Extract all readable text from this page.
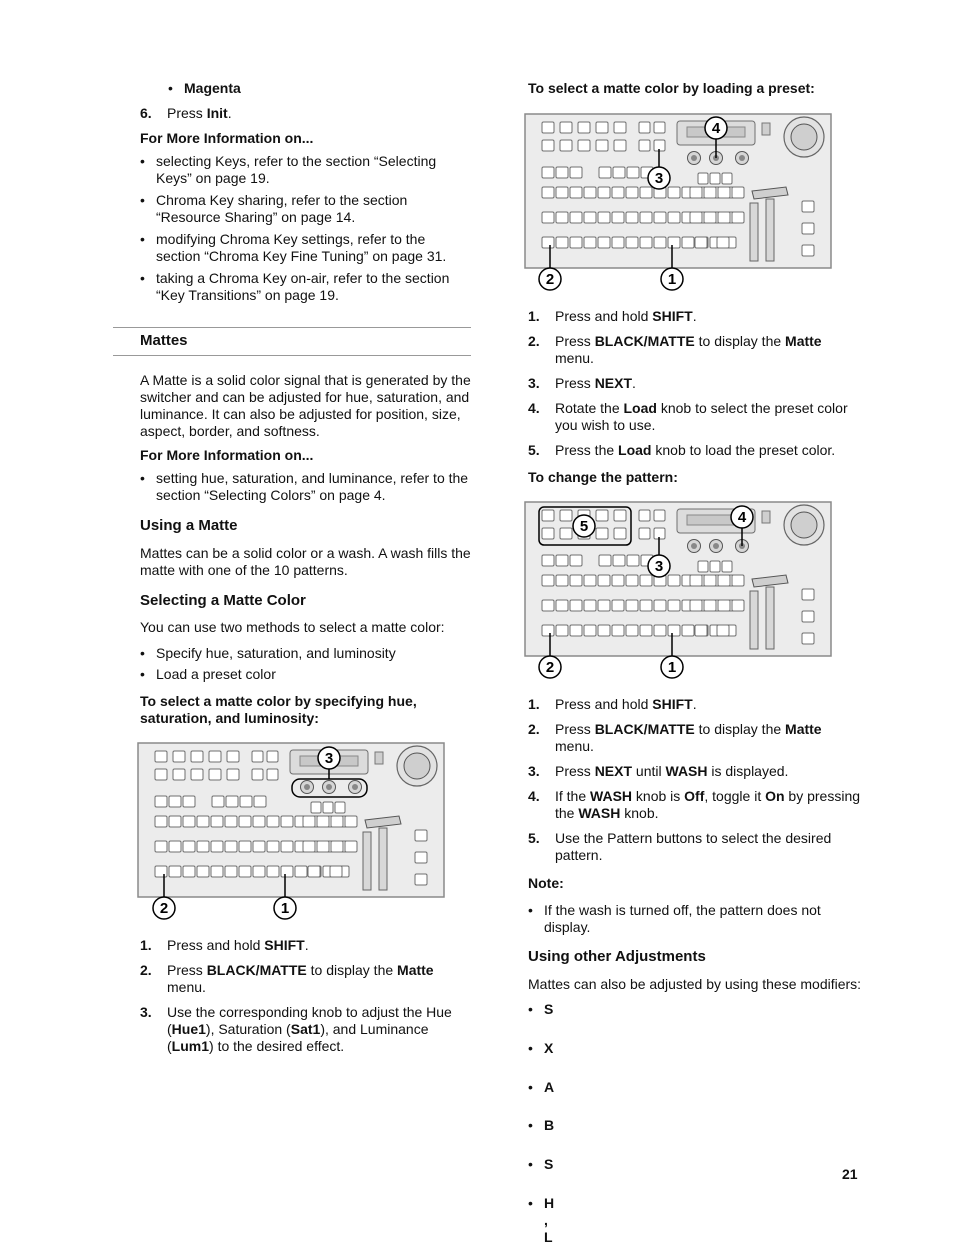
• Magenta
6. Press Init.
For More Information on...
• selecting Keys, refer to the section “Selecting
Keys” on page 19.
• Chroma Key sharing, refer to the section
“Resource Sharing” on page 14.
• modifying Chroma Key settings, refer to the
section “Chroma Key Fine Tuning” on page 31.
• taking a Chroma Key on-air, refer to the section
“Key Transitions” on page 19.
Mattes
A Matte is a solid color signal that is generated by the
switcher and can be adjusted for hue, saturation, and
luminance. It can also be adjusted for position, size,
aspect, border, and softness.
For More Information on...
• setting hue, saturation, and luminance, refer to the
section “Selecting Colors” on page 4.
Using a Matte
Mattes can be a solid color or a wash. A wash fills the
matte with one of the 10 patterns.
Selecting a Matte Color
You can use two methods to select a matte color:
• Specify hue, saturation, and luminosity
• Load a preset color
To select a matte color by specifying hue,
saturation, and luminosity:
3
2	1
1. Press and hold SHIFT.
2. Press BLACK/MATTE to display the Matte
menu.
3. Use the corresponding knob to adjust the Hue
(Hue1), Saturation (Sat1), and Luminance
(Lum1) to the desired effect.
To select a matte color by loading a preset:
4
3
2	1
1. Press and hold SHIFT.
2. Press BLACK/MATTE to display the Matte
menu.
3. Press NEXT.
4. Rotate the Load knob to select the preset color
you wish to use.
5. Press the Load knob to load the preset color.
To change the pattern:
5
4
3
2	1
1. Press and hold SHIFT.
2. Press BLACK/MATTE to display the Matte
menu.
3. Press NEXT until WASH is displayed.
4. If the WASH knob is Off, toggle it On by pressing
the WASH knob.
5. Use the Pattern buttons to select the desired
pattern.
Note:
• If the wash is turned off, the pattern does not
display.
Using other Adjustments
Mattes can also be adjusted by using these modifiers:
• S
• X
• A
• B
• S
• H
,
L
21
